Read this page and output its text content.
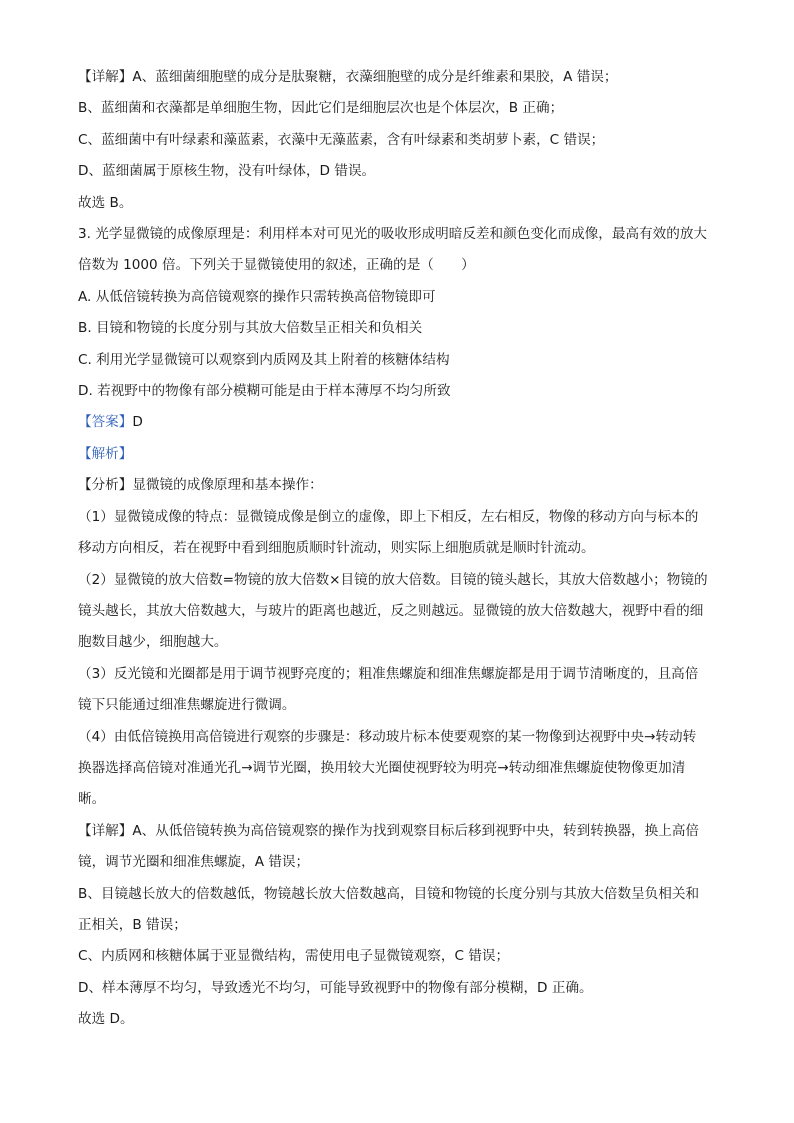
【详解】A、蓝细菌细胞壁的成分是肽聚糖，衣藻细胞壁的成分是纤维素和果胶，A 错误；
B、蓝细菌和衣藻都是单细胞生物，因此它们是细胞层次也是个体层次，B 正确；
C、蓝细菌中有叶绿素和藻蓝素，衣藻中无藻蓝素，含有叶绿素和类胡萝卜素，C 错误；
D、蓝细菌属于原核生物，没有叶绿体，D 错误。
故选 B。
3. 光学显微镜的成像原理是：利用样本对可见光的吸收形成明暗反差和颜色变化而成像，最高有效的放大
倍数为 1000 倍。下列关于显微镜使用的叙述，正确的是（　　）
A. 从低倍镜转换为高倍镜观察的操作只需转换高倍物镜即可
B. 目镜和物镜的长度分别与其放大倍数呈正相关和负相关
C. 利用光学显微镜可以观察到内质网及其上附着的核糖体结构
D. 若视野中的物像有部分模糊可能是由于样本薄厚不均匀所致
【答案】D
【解析】
【分析】显微镜的成像原理和基本操作：
（1）显微镜成像的特点：显微镜成像是倒立的虚像，即上下相反，左右相反，物像的移动方向与标本的
移动方向相反，若在视野中看到细胞质顺时针流动，则实际上细胞质就是顺时针流动。
（2）显微镜的放大倍数=物镜的放大倍数×目镜的放大倍数。目镜的镜头越长，其放大倍数越小；物镜的
镜头越长，其放大倍数越大，与玻片的距离也越近，反之则越远。显微镜的放大倍数越大，视野中看的细
胞数目越少，细胞越大。
（3）反光镜和光圈都是用于调节视野亮度的；粗准焦螺旋和细准焦螺旋都是用于调节清晰度的，且高倍
镜下只能通过细准焦螺旋进行微调。
（4）由低倍镜换用高倍镜进行观察的步骤是：移动玻片标本使要观察的某一物像到达视野中央→转动转
换器选择高倍镜对准通光孔→调节光圈，换用较大光圈使视野较为明亮→转动细准焦螺旋使物像更加清
晰。
【详解】A、从低倍镜转换为高倍镜观察的操作为找到观察目标后移到视野中央，转到转换器，换上高倍
镜，调节光圈和细准焦螺旋，A 错误；
B、目镜越长放大的倍数越低，物镜越长放大倍数越高，目镜和物镜的长度分别与其放大倍数呈负相关和
正相关，B 错误；
C、内质网和核糖体属于亚显微结构，需使用电子显微镜观察，C 错误；
D、样本薄厚不均匀，导致透光不均匀，可能导致视野中的物像有部分模糊，D 正确。
故选 D。
